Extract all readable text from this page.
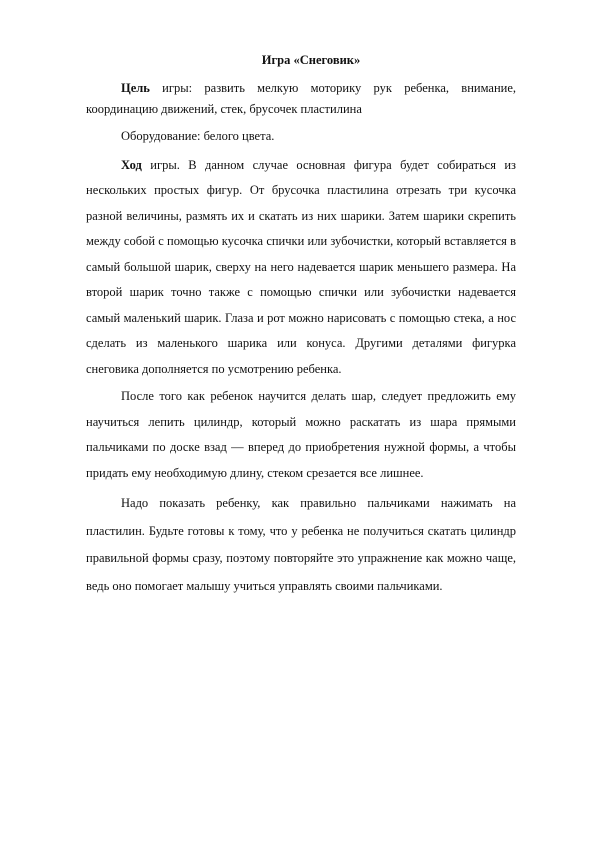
Игра «Снеговик»

Цель игры: развить мелкую моторику рук ребенка, внимание, координацию движений, стек, брусочек пластилина

Оборудование: белого цвета.

Ход игры. В данном случае основная фигура будет собираться из нескольких простых фигур. От брусочка пластилина отрезать три кусочка разной величины, размять их и скатать из них шарики. Затем шарики скрепить между собой с помощью кусочка спички или зубочистки, который вставляется в самый большой шарик, сверху на него надевается шарик меньшего размера. На второй шарик точно также с помощью спички или зубочистки надевается самый маленький шарик. Глаза и рот можно нарисовать с помощью стека, а нос сделать из маленького шарика или конуса. Другими деталями фигурка снеговика дополняется по усмотрению ребенка.

После того как ребенок научится делать шар, следует предложить ему научиться лепить цилиндр, который можно раскатать из шара прямыми пальчиками по доске взад — вперед до приобретения нужной формы, а чтобы придать ему необходимую длину, стеком срезается все лишнее.

Надо показать ребенку, как правильно пальчиками нажимать на пластилин. Будьте готовы к тому, что у ребенка не получиться скатать цилиндр правильной формы сразу, поэтому повторяйте это упражнение как можно чаще, ведь оно помогает малышу учиться управлять своими пальчиками.
